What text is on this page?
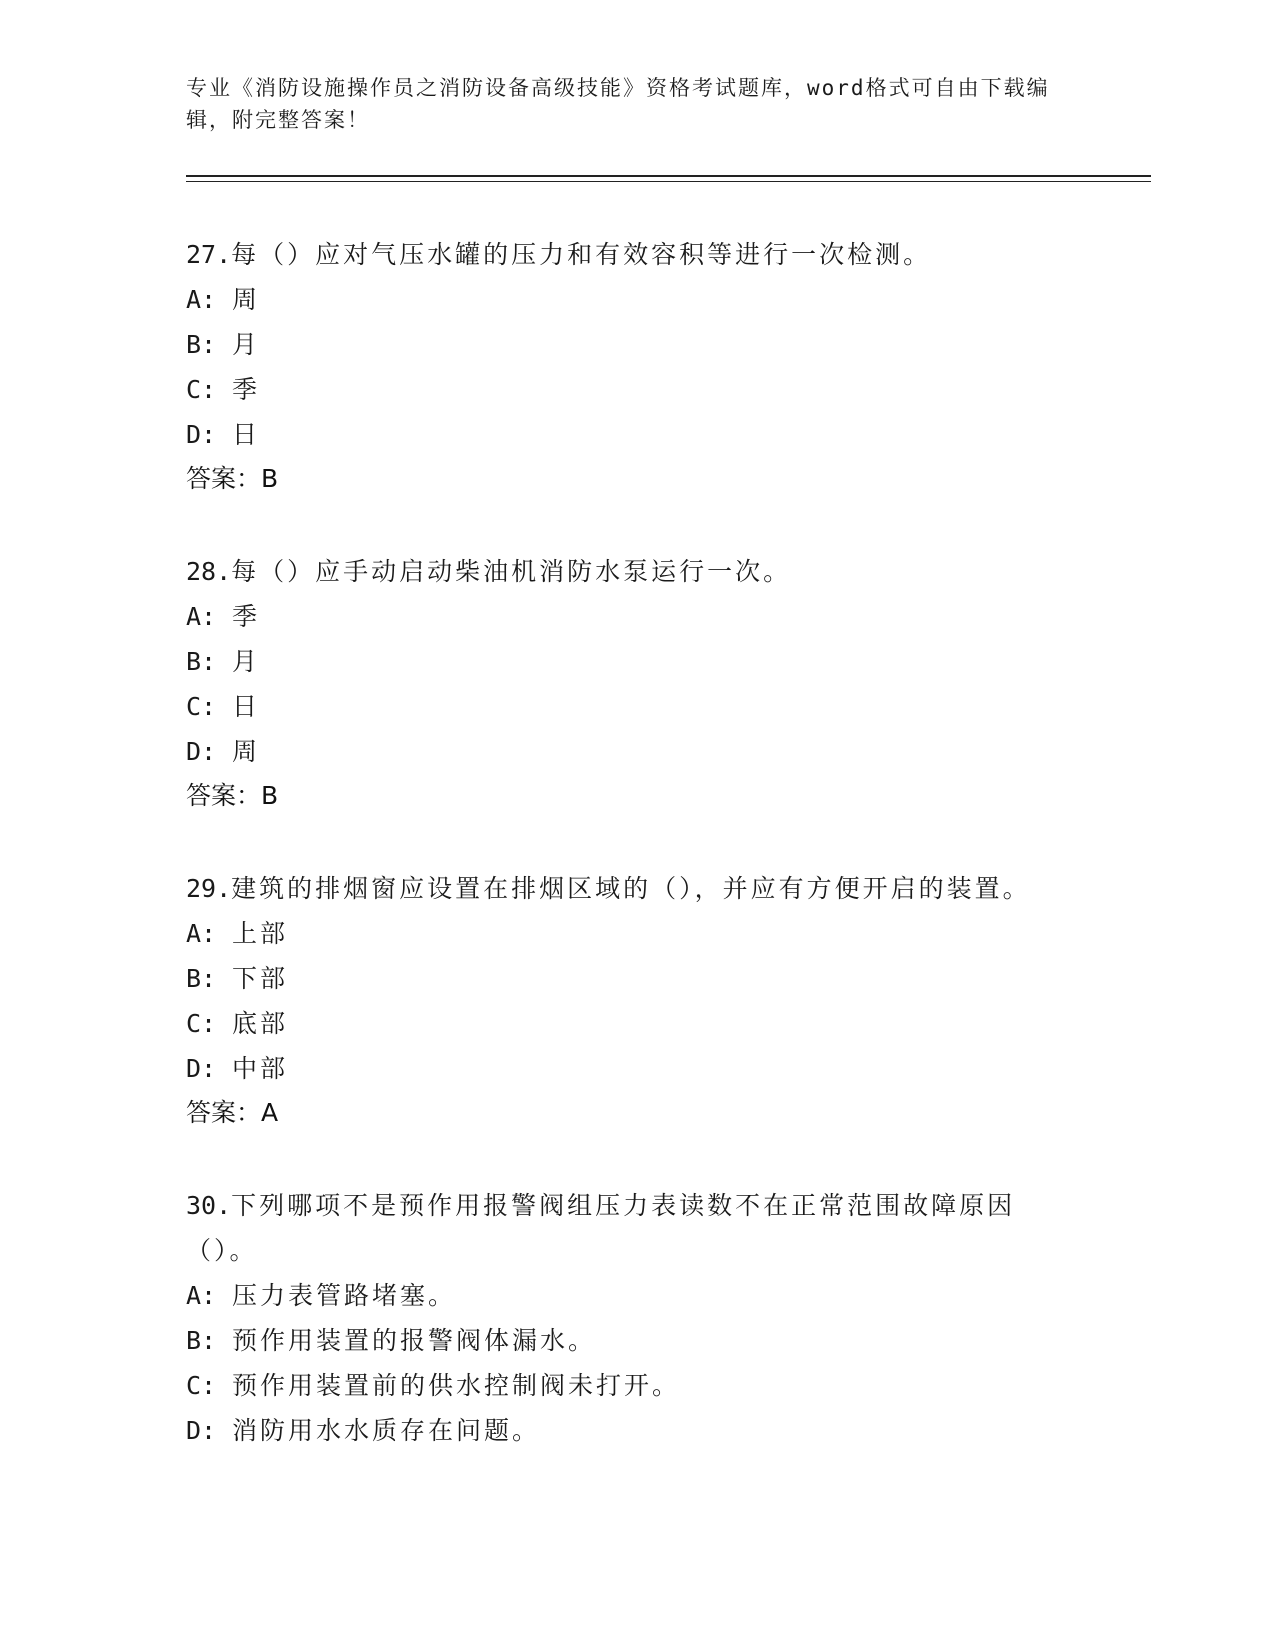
专业《消防设施操作员之消防设备高级技能》资格考试题库，word格式可自由下载编辑，附完整答案！

27.每（）应对气压水罐的压力和有效容积等进行一次检测。

A: 周

B: 月

C: 季

D: 日

答案：B

28.每（）应手动启动柴油机消防水泵运行一次。

A: 季

B: 月

C: 日

D: 周

答案：B

29.建筑的排烟窗应设置在排烟区域的（），并应有方便开启的装置。

A: 上部

B: 下部

C: 底部

D: 中部

答案：A

30.下列哪项不是预作用报警阀组压力表读数不在正常范围故障原因（）。

A: 压力表管路堵塞。

B: 预作用装置的报警阀体漏水。

C: 预作用装置前的供水控制阀未打开。

D: 消防用水水质存在问题。
